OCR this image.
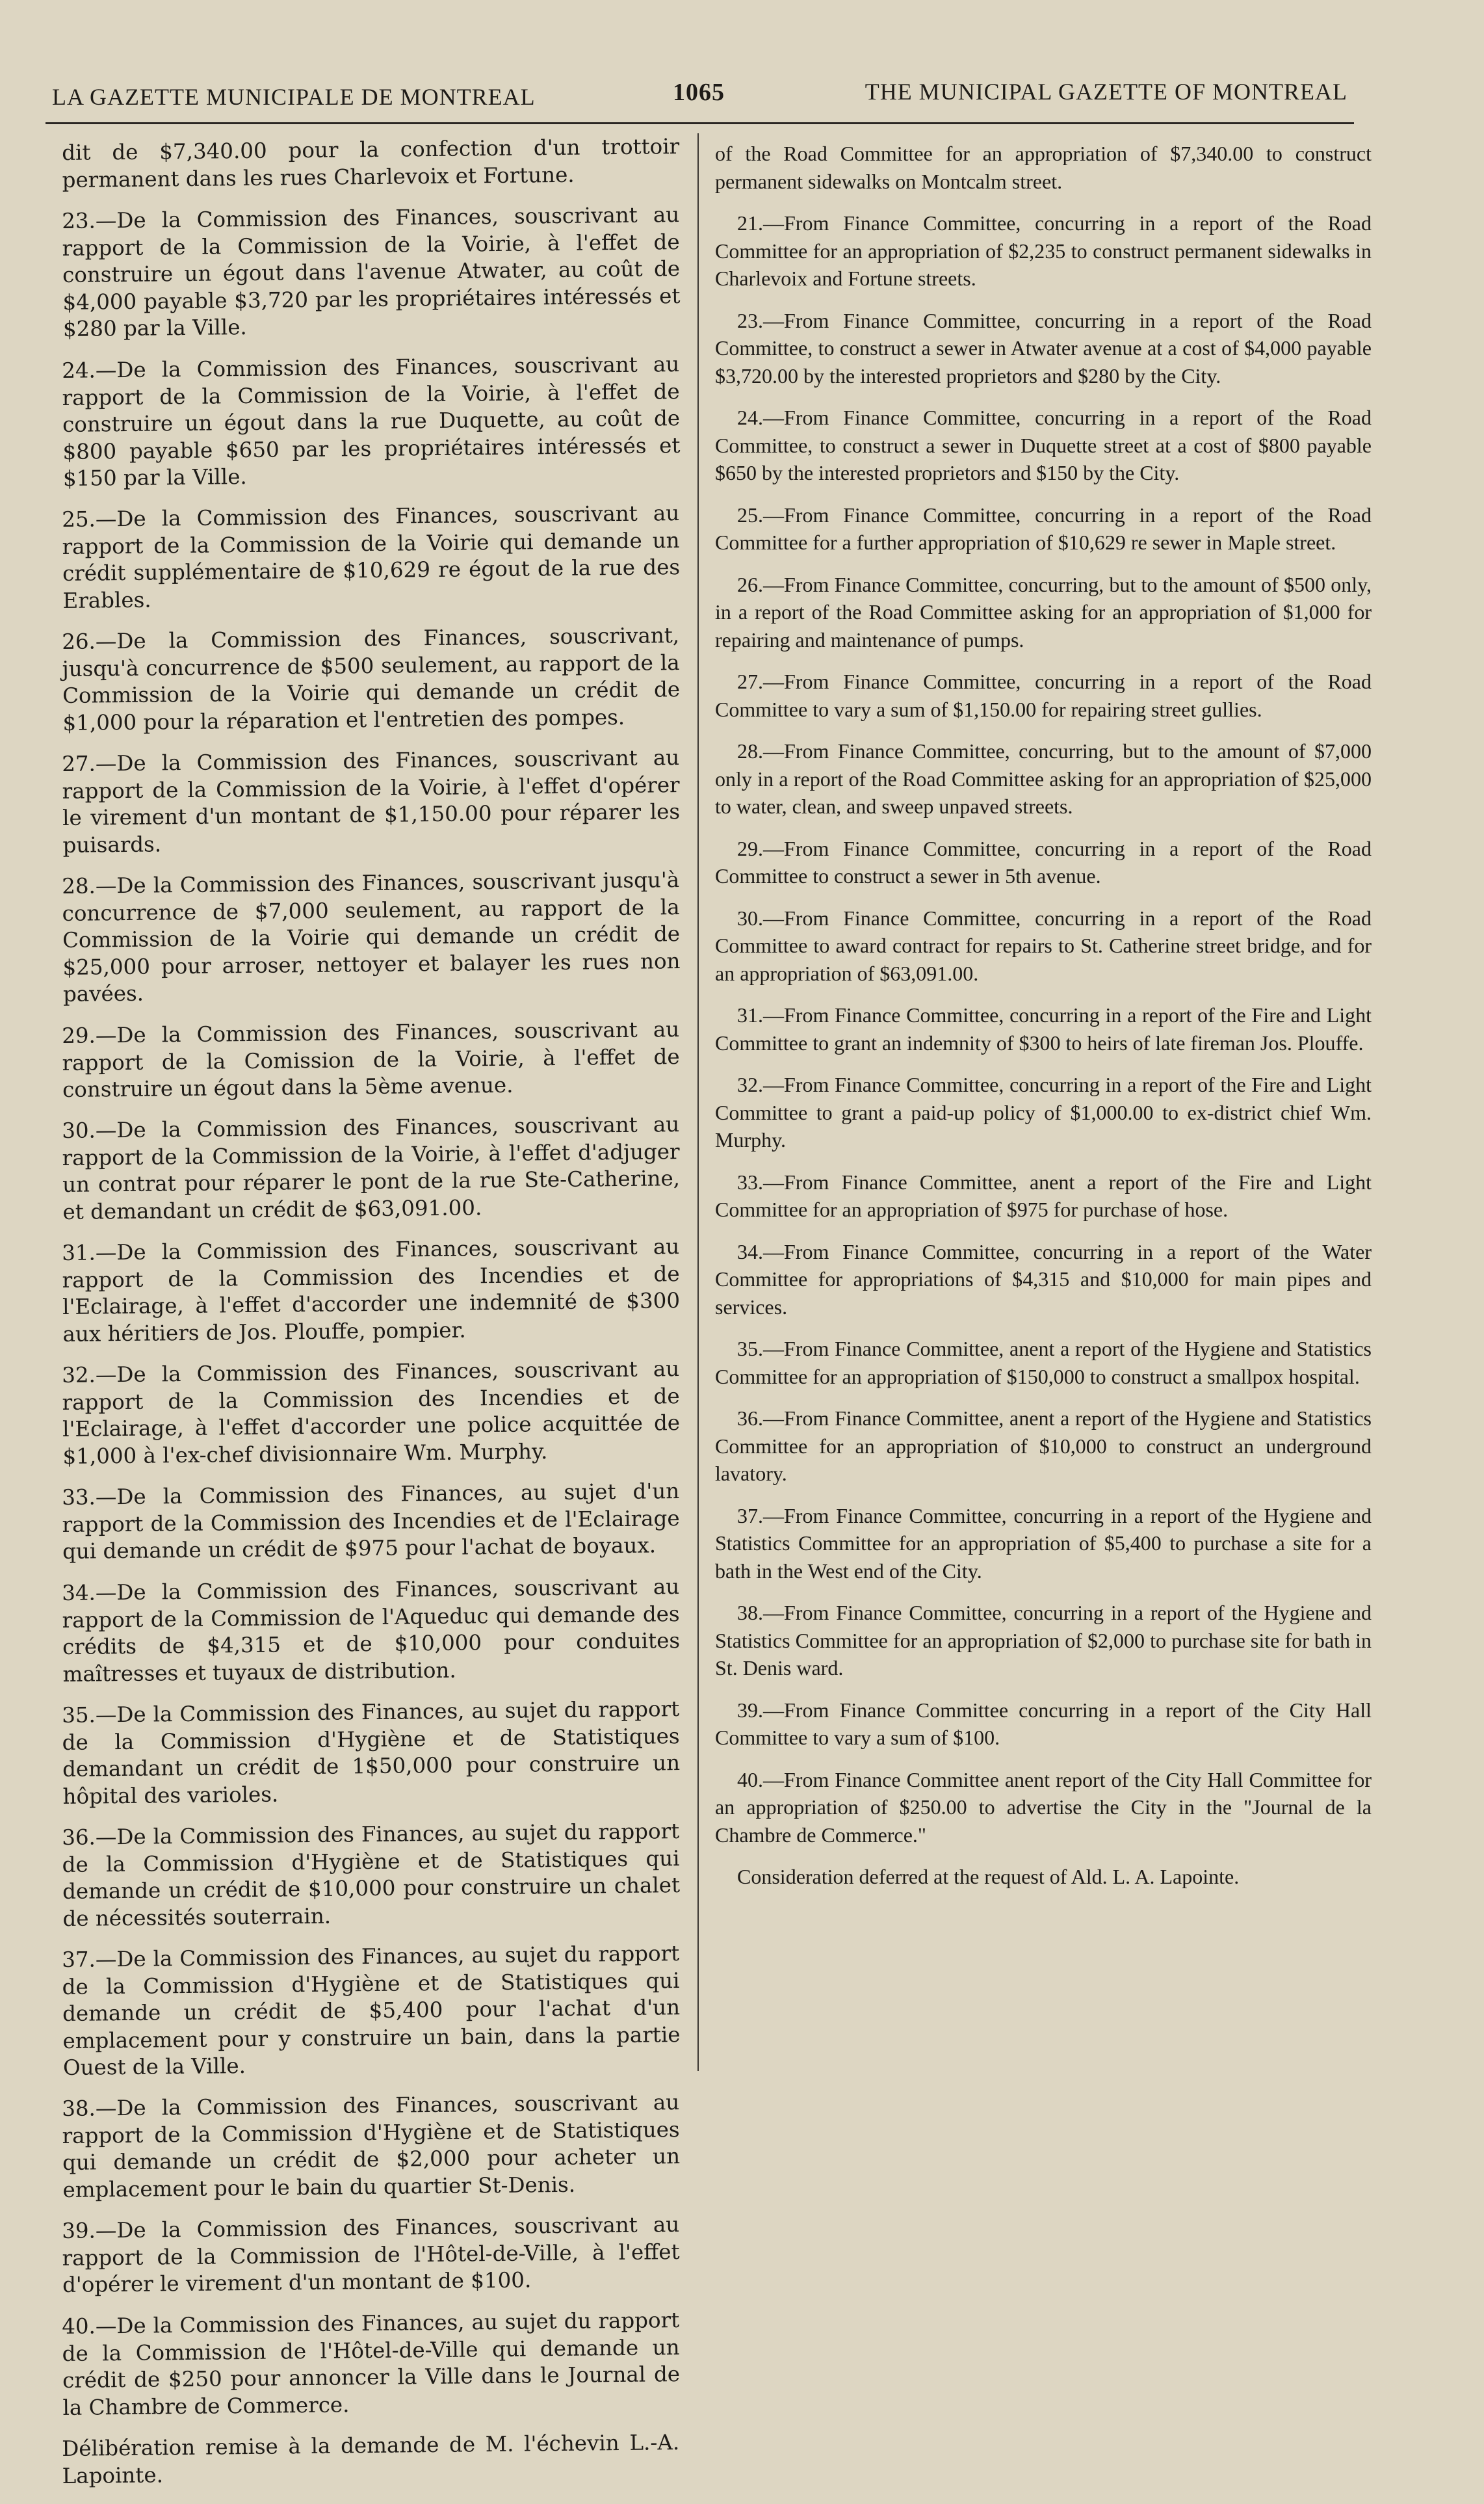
LA GAZETTE MUNICIPALE DE MONTREAL	1065	THE MUNICIPAL GAZETTE OF MONTREAL

dit de $7,340.00 pour la confection d'un trottoir permanent dans les rues Charlevoix et Fortune.

23.—De la Commission des Finances, souscrivant au rapport de la Commission de la Voirie, à l'effet de construire un égout dans l'avenue Atwater, au coût de $4,000 payable $3,720 par les propriétaires intéressés et $280 par la Ville.

24.—De la Commission des Finances, souscrivant au rapport de la Commission de la Voirie, à l'effet de construire un égout dans la rue Duquette, au coût de $800 payable $650 par les propriétaires intéressés et $150 par la Ville.

25.—De la Commission des Finances, souscrivant au rapport de la Commission de la Voirie qui demande un crédit supplémentaire de $10,629 re égout de la rue des Erables.

26.—De la Commission des Finances, souscrivant, jusqu'à concurrence de $500 seulement, au rapport de la Commission de la Voirie qui demande un crédit de $1,000 pour la réparation et l'entretien des pompes.

27.—De la Commission des Finances, souscrivant au rapport de la Commission de la Voirie, à l'effet d'opérer le virement d'un montant de $1,150.00 pour réparer les puisards.

28.—De la Commission des Finances, souscrivant jusqu'à concurrence de $7,000 seulement, au rapport de la Commission de la Voirie qui demande un crédit de $25,000 pour arroser, nettoyer et balayer les rues non pavées.

29.—De la Commission des Finances, souscrivant au rapport de la Comission de la Voirie, à l'effet de construire un égout dans la 5ème avenue.

30.—De la Commission des Finances, souscrivant au rapport de la Commission de la Voirie, à l'effet d'adjuger un contrat pour réparer le pont de la rue Ste-Catherine, et demandant un crédit de $63,091.00.

31.—De la Commission des Finances, souscrivant au rapport de la Commission des Incendies et de l'Eclairage, à l'effet d'accorder une indemnité de $300 aux héritiers de Jos. Plouffe, pompier.

32.—De la Commission des Finances, souscrivant au rapport de la Commission des Incendies et de l'Eclairage, à l'effet d'accorder une police acquittée de $1,000 à l'ex-chef divisionnaire Wm. Murphy.

33.—De la Commission des Finances, au sujet d'un rapport de la Commission des Incendies et de l'Eclairage qui demande un crédit de $975 pour l'achat de boyaux.

34.—De la Commission des Finances, souscrivant au rapport de la Commission de l'Aqueduc qui demande des crédits de $4,315 et de $10,000 pour conduites maîtresses et tuyaux de distribution.

35.—De la Commission des Finances, au sujet du rapport de la Commission d'Hygiène et de Statistiques demandant un crédit de 1$50,000 pour construire un hôpital des varioles.

36.—De la Commission des Finances, au sujet du rapport de la Commission d'Hygiène et de Statistiques qui demande un crédit de $10,000 pour construire un chalet de nécessités souterrain.

37.—De la Commission des Finances, au sujet du rapport de la Commission d'Hygiène et de Statistiques qui demande un crédit de $5,400 pour l'achat d'un emplacement pour y construire un bain, dans la partie Ouest de la Ville.

38.—De la Commission des Finances, souscrivant au rapport de la Commission d'Hygiène et de Statistiques qui demande un crédit de $2,000 pour acheter un emplacement pour le bain du quartier St-Denis.

39.—De la Commission des Finances, souscrivant au rapport de la Commission de l'Hôtel-de-Ville, à l'effet d'opérer le virement d'un montant de $100.

40.—De la Commission des Finances, au sujet du rapport de la Commission de l'Hôtel-de-Ville qui demande un crédit de $250 pour annoncer la Ville dans le Journal de la Chambre de Commerce.

Délibération remise à la demande de M. l'échevin L.-A. Lapointe.

of the Road Committee for an appropriation of $7,340.00 to construct permanent sidewalks on Montcalm street.

21.—From Finance Committee, concurring in a report of the Road Committee for an appropriation of $2,235 to construct permanent sidewalks in Charlevoix and Fortune streets.

23.—From Finance Committee, concurring in a report of the Road Committee, to construct a sewer in Atwater avenue at a cost of $4,000 payable $3,720.00 by the interested proprietors and $280 by the City.

24.—From Finance Committee, concurring in a report of the Road Committee, to construct a sewer in Duquette street at a cost of $800 payable $650 by the interested proprietors and $150 by the City.

25.—From Finance Committee, concurring in a report of the Road Committee for a further appropriation of $10,629 re sewer in Maple street.

26.—From Finance Committee, concurring, but to the amount of $500 only, in a report of the Road Committee asking for an appropriation of $1,000 for repairing and maintenance of pumps.

27.—From Finance Committee, concurring in a report of the Road Committee to vary a sum of $1,150.00 for repairing street gullies.

28.—From Finance Committee, concurring, but to the amount of $7,000 only in a report of the Road Committee asking for an appropriation of $25,000 to water, clean, and sweep unpaved streets.

29.—From Finance Committee, concurring in a report of the Road Committee to construct a sewer in 5th avenue.

30.—From Finance Committee, concurring in a report of the Road Committee to award contract for repairs to St. Catherine street bridge, and for an appropriation of $63,091.00.

31.—From Finance Committee, concurring in a report of the Fire and Light Committee to grant an indemnity of $300 to heirs of late fireman Jos. Plouffe.

32.—From Finance Committee, concurring in a report of the Fire and Light Committee to grant a paid-up policy of $1,000.00 to ex-district chief Wm. Murphy.

33.—From Finance Committee, anent a report of the Fire and Light Committee for an appropriation of $975 for purchase of hose.

34.—From Finance Committee, concurring in a report of the Water Committee for appropriations of $4,315 and $10,000 for main pipes and services.

35.—From Finance Committee, anent a report of the Hygiene and Statistics Committee for an appropriation of $150,000 to construct a smallpox hospital.

36.—From Finance Committee, anent a report of the Hygiene and Statistics Committee for an appropriation of $10,000 to construct an underground lavatory.

37.—From Finance Committee, concurring in a report of the Hygiene and Statistics Committee for an appropriation of $5,400 to purchase a site for a bath in the West end of the City.

38.—From Finance Committee, concurring in a report of the Hygiene and Statistics Committee for an appropriation of $2,000 to purchase site for bath in St. Denis ward.

39.—From Finance Committee concurring in a report of the City Hall Committee to vary a sum of $100.

40.—From Finance Committee anent report of the City Hall Committee for an appropriation of $250.00 to advertise the City in the "Journal de la Chambre de Commerce."

Consideration deferred at the request of Ald. L. A. Lapointe.
